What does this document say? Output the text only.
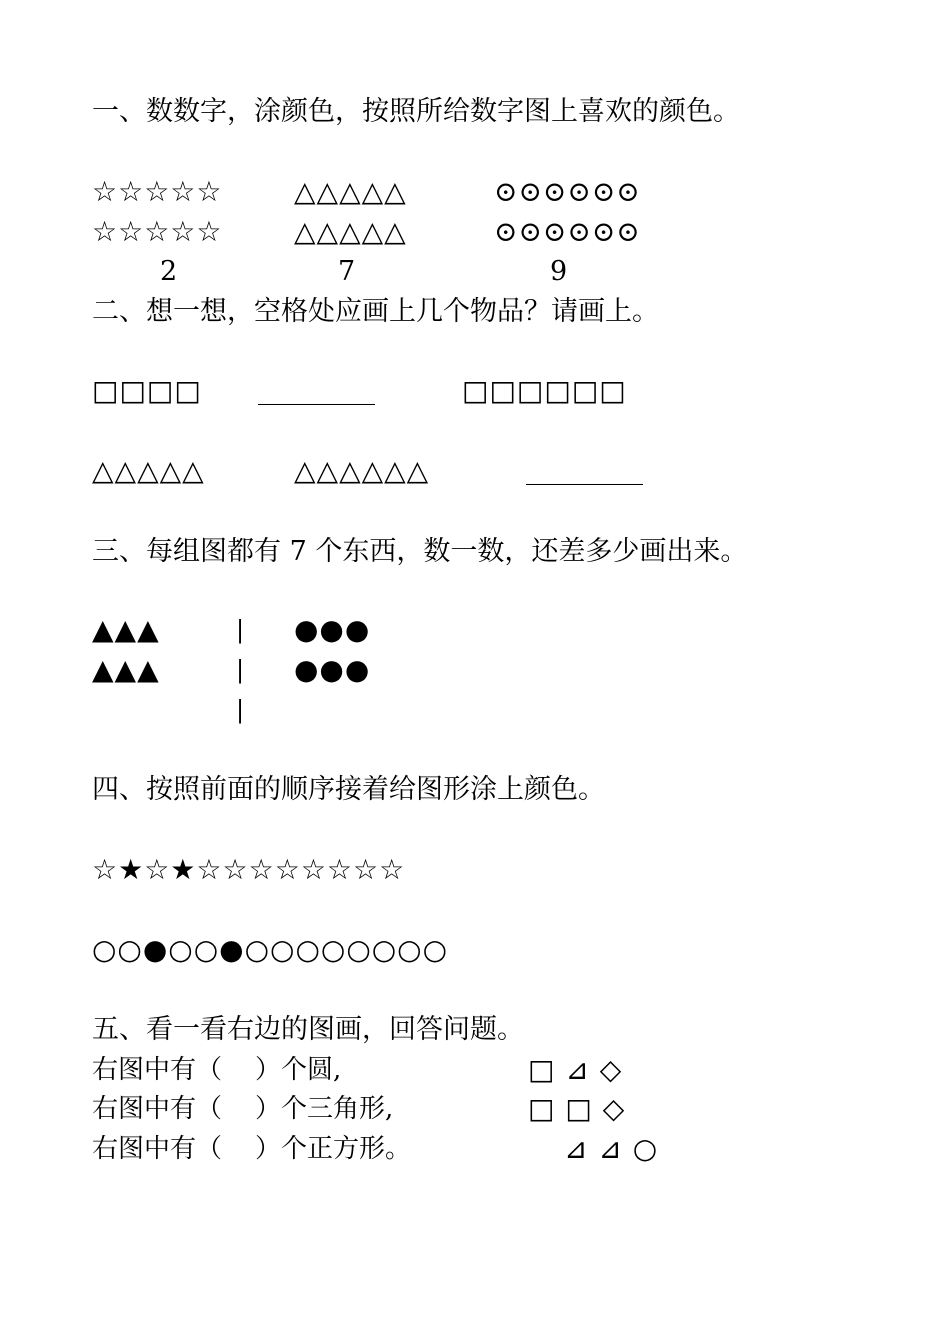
一、数数字，涂颜色，按照所给数字图上喜欢的颜色。
☆☆☆☆☆	△△△△△	⊙⊙⊙⊙⊙⊙
☆☆☆☆☆	△△△△△	⊙⊙⊙⊙⊙⊙
2	7	9
二、想一想，空格处应画上几个物品？请画上。
□□□□ _________	□□□□□□
△△△△△	△△△△△△	_________
三、每组图都有 7 个东西，数一数，还差多少画出来。
▲▲▲	| ●●●
▲▲▲	| ●●●
|
四、按照前面的顺序接着给图形涂上颜色。
☆★☆★☆☆☆☆☆☆☆☆
○○●○○●○○○○○○○○
五、看一看右边的图画，回答问题。
右图中有（    ）个圆,	□ ⊿ ◇
右图中有（    ）个三角形,	□ □ ◇
右图中有（    ）个正方形。	⊿ ⊿ ○
